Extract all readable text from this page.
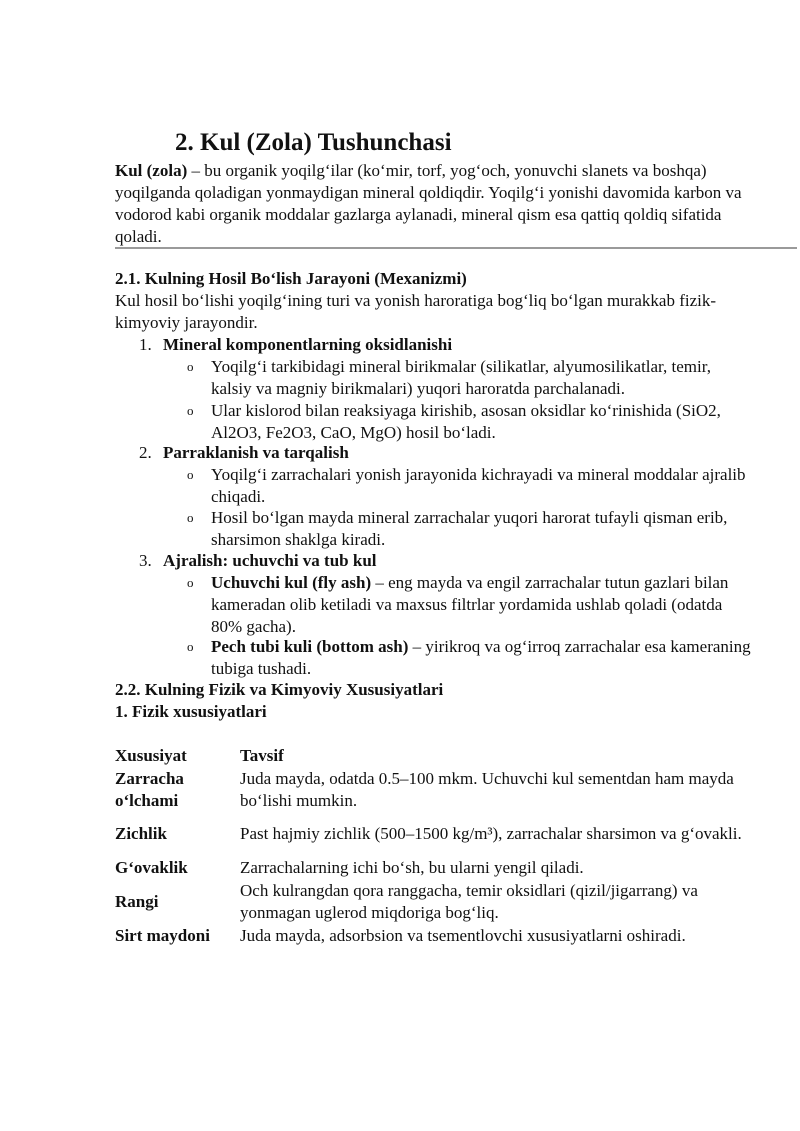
2. Kul (Zola) Tushunchasi
Kul (zola) – bu organik yoqilg‘ilar (ko‘mir, torf, yog‘och, yonuvchi slanets va boshqa) yoqilganda qoladigan yonmaydigan mineral qoldiqdir. Yoqilg‘i yonishi davomida karbon va vodorod kabi organik moddalar gazlarga aylanadi, mineral qism esa qattiq qoldiq sifatida qoladi.
2.1. Kulning Hosil Bo‘lish Jarayoni (Mexanizmi)
Kul hosil bo‘lishi yoqilg‘ining turi va yonish haroratiga bog‘liq bo‘lgan murakkab fizik-kimyoviy jarayondir.
1. Mineral komponentlarning oksidlanishi
o Yoqilg‘i tarkibidagi mineral birikmalar (silikatlar, alyumosilikatlar, temir, kalsiy va magniy birikmalari) yuqori haroratda parchalanadi.
o Ular kislorod bilan reaksiyaga kirishib, asosan oksidlar ko‘rinishida (SiO2, Al2O3, Fe2O3, CaO, MgO) hosil bo‘ladi.
2. Parraklanish va tarqalish
o Yoqilg‘i zarrachalari yonish jarayonida kichrayadi va mineral moddalar ajralib chiqadi.
o Hosil bo‘lgan mayda mineral zarrachalar yuqori harorat tufayli qisman erib, sharsimon shaklga kiradi.
3. Ajralish: uchuvchi va tub kul
o Uchuvchi kul (fly ash) – eng mayda va engil zarrachalar tutun gazlari bilan kameradan olib ketiladi va maxsus filtrlar yordamida ushlab qoladi (odatda 80% gacha).
o Pech tubi kuli (bottom ash) – yirikroq va og‘irroq zarrachalar esa kameraning tubiga tushadi.
2.2. Kulning Fizik va Kimyoviy Xususiyatlari
1. Fizik xususiyatlari
Xususiyat	Tavsif
Zarracha o‘lchami	Juda mayda, odatda 0.5–100 mkm. Uchuvchi kul sementdan ham mayda bo‘lishi mumkin.
Zichlik	Past hajmiy zichlik (500–1500 kg/m³), zarrachalar sharsimon va g‘ovakli.
G‘ovaklik	Zarrachalarning ichi bo‘sh, bu ularni yengil qiladi.
Rangi	Och kulrangdan qora ranggacha, temir oksidlari (qizil/jigarrang) va yonmagan uglerod miqdoriga bog‘liq.
Sirt maydoni	Juda mayda, adsorbsion va tsementlovchi xususiyatlarni oshiradi.
